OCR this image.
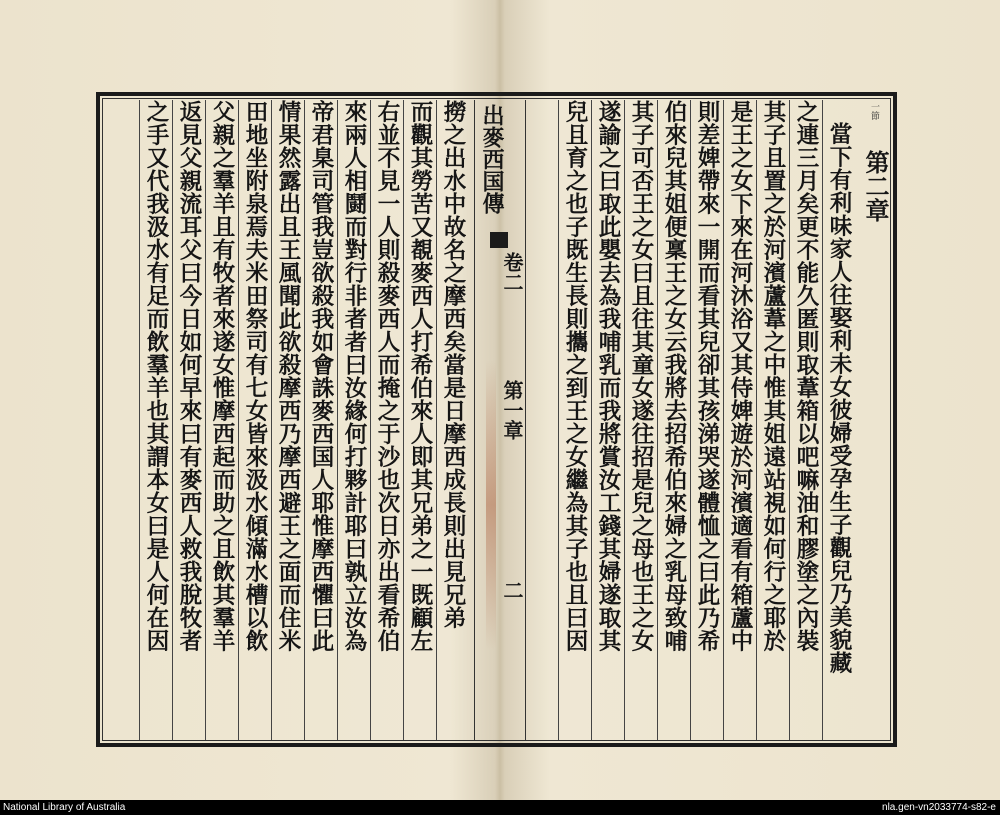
出麥西国傳
卷二
第一章
二
一節
第二章
當下有利味家人往娶利未女彼婦受孕生子觀兒乃美貌藏
之連三月矣更不能久匿則取葦箱以吧嘛油和膠塗之內裝
其子且置之於河濱蘆葦之中惟其姐遠站視如何行之耶於
是王之女下來在河沐浴又其侍婢遊於河濱適看有箱蘆中
則差婢帶來一開而看其兒卻其孩涕哭遂體恤之曰此乃希
伯來兒其姐便稟王之女云我將去招希伯來婦之乳母致哺
其子可否王之女曰且往其童女遂往招是兒之母也王之女
遂諭之曰取此嬰去為我哺乳而我將賞汝工錢其婦遂取其
兒且育之也子既生長則攜之到王之女繼為其子也且曰因
撈之出水中故名之摩西矣當是日摩西成長則出見兄弟
而觀其勞苦又覩麥西人打希伯來人即其兄弟之一既顧左
右並不見一人則殺麥西人而掩之于沙也次日亦出看希伯
來兩人相鬪而對行非者者曰汝緣何打夥計耶曰孰立汝為
帝君臬司管我豈欲殺我如會誅麥西国人耶惟摩西懼曰此
情果然露出且王風聞此欲殺摩西乃摩西避王之面而住米
田地坐附泉焉夫米田祭司有七女皆來汲水傾滿水槽以飲
父親之羣羊且有牧者來遂女惟摩西起而助之且飲其羣羊
返見父親流耳父曰今日如何早來曰有麥西人救我脫牧者
之手又代我汲水有足而飲羣羊也其謂本女曰是人何在因
National Library of Australia	nla.gen-vn2033774-s82-e
